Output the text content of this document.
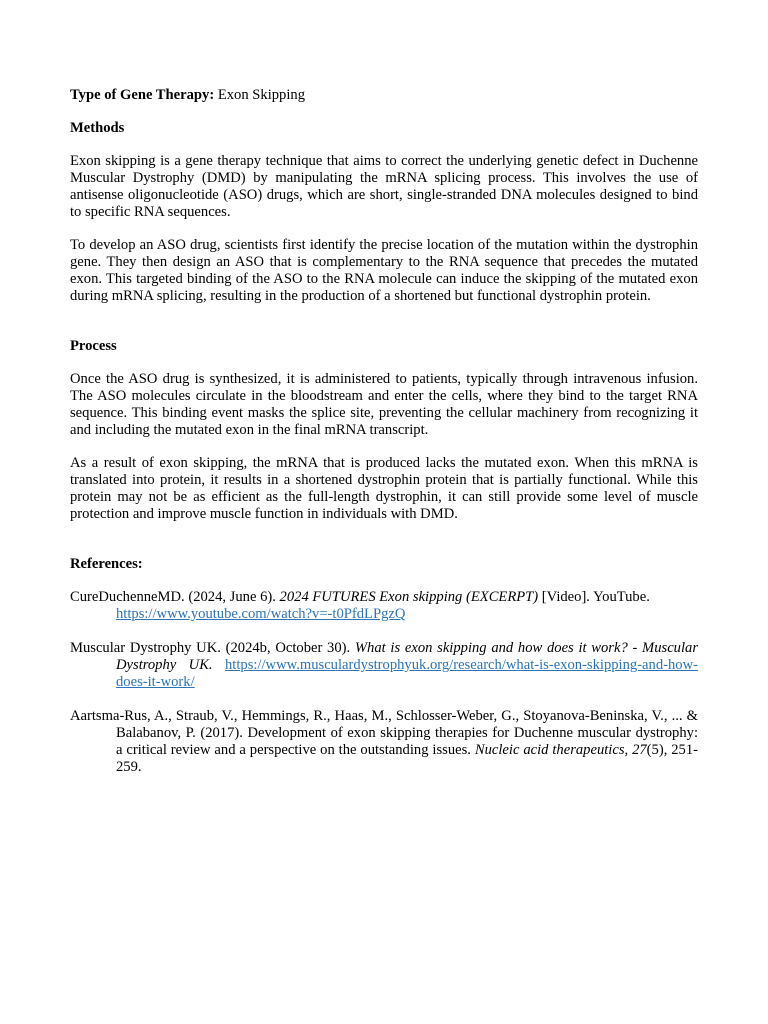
Type of Gene Therapy: Exon Skipping

Methods

Exon skipping is a gene therapy technique that aims to correct the underlying genetic defect in Duchenne Muscular Dystrophy (DMD) by manipulating the mRNA splicing process. This involves the use of antisense oligonucleotide (ASO) drugs, which are short, single-stranded DNA molecules designed to bind to specific RNA sequences.

To develop an ASO drug, scientists first identify the precise location of the mutation within the dystrophin gene. They then design an ASO that is complementary to the RNA sequence that precedes the mutated exon. This targeted binding of the ASO to the RNA molecule can induce the skipping of the mutated exon during mRNA splicing, resulting in the production of a shortened but functional dystrophin protein.

Process

Once the ASO drug is synthesized, it is administered to patients, typically through intravenous infusion. The ASO molecules circulate in the bloodstream and enter the cells, where they bind to the target RNA sequence. This binding event masks the splice site, preventing the cellular machinery from recognizing it and including the mutated exon in the final mRNA transcript.

As a result of exon skipping, the mRNA that is produced lacks the mutated exon. When this mRNA is translated into protein, it results in a shortened dystrophin protein that is partially functional. While this protein may not be as efficient as the full-length dystrophin, it can still provide some level of muscle protection and improve muscle function in individuals with DMD.

References:

CureDuchenneMD. (2024, June 6). 2024 FUTURES Exon skipping (EXCERPT) [Video]. YouTube. https://www.youtube.com/watch?v=-t0PfdLPgzQ

Muscular Dystrophy UK. (2024b, October 30). What is exon skipping and how does it work? - Muscular Dystrophy UK. https://www.musculardystrophyuk.org/research/what-is-exon-skipping-and-how-does-it-work/

Aartsma-Rus, A., Straub, V., Hemmings, R., Haas, M., Schlosser-Weber, G., Stoyanova-Beninska, V., ... & Balabanov, P. (2017). Development of exon skipping therapies for Duchenne muscular dystrophy: a critical review and a perspective on the outstanding issues. Nucleic acid therapeutics, 27(5), 251-259.
